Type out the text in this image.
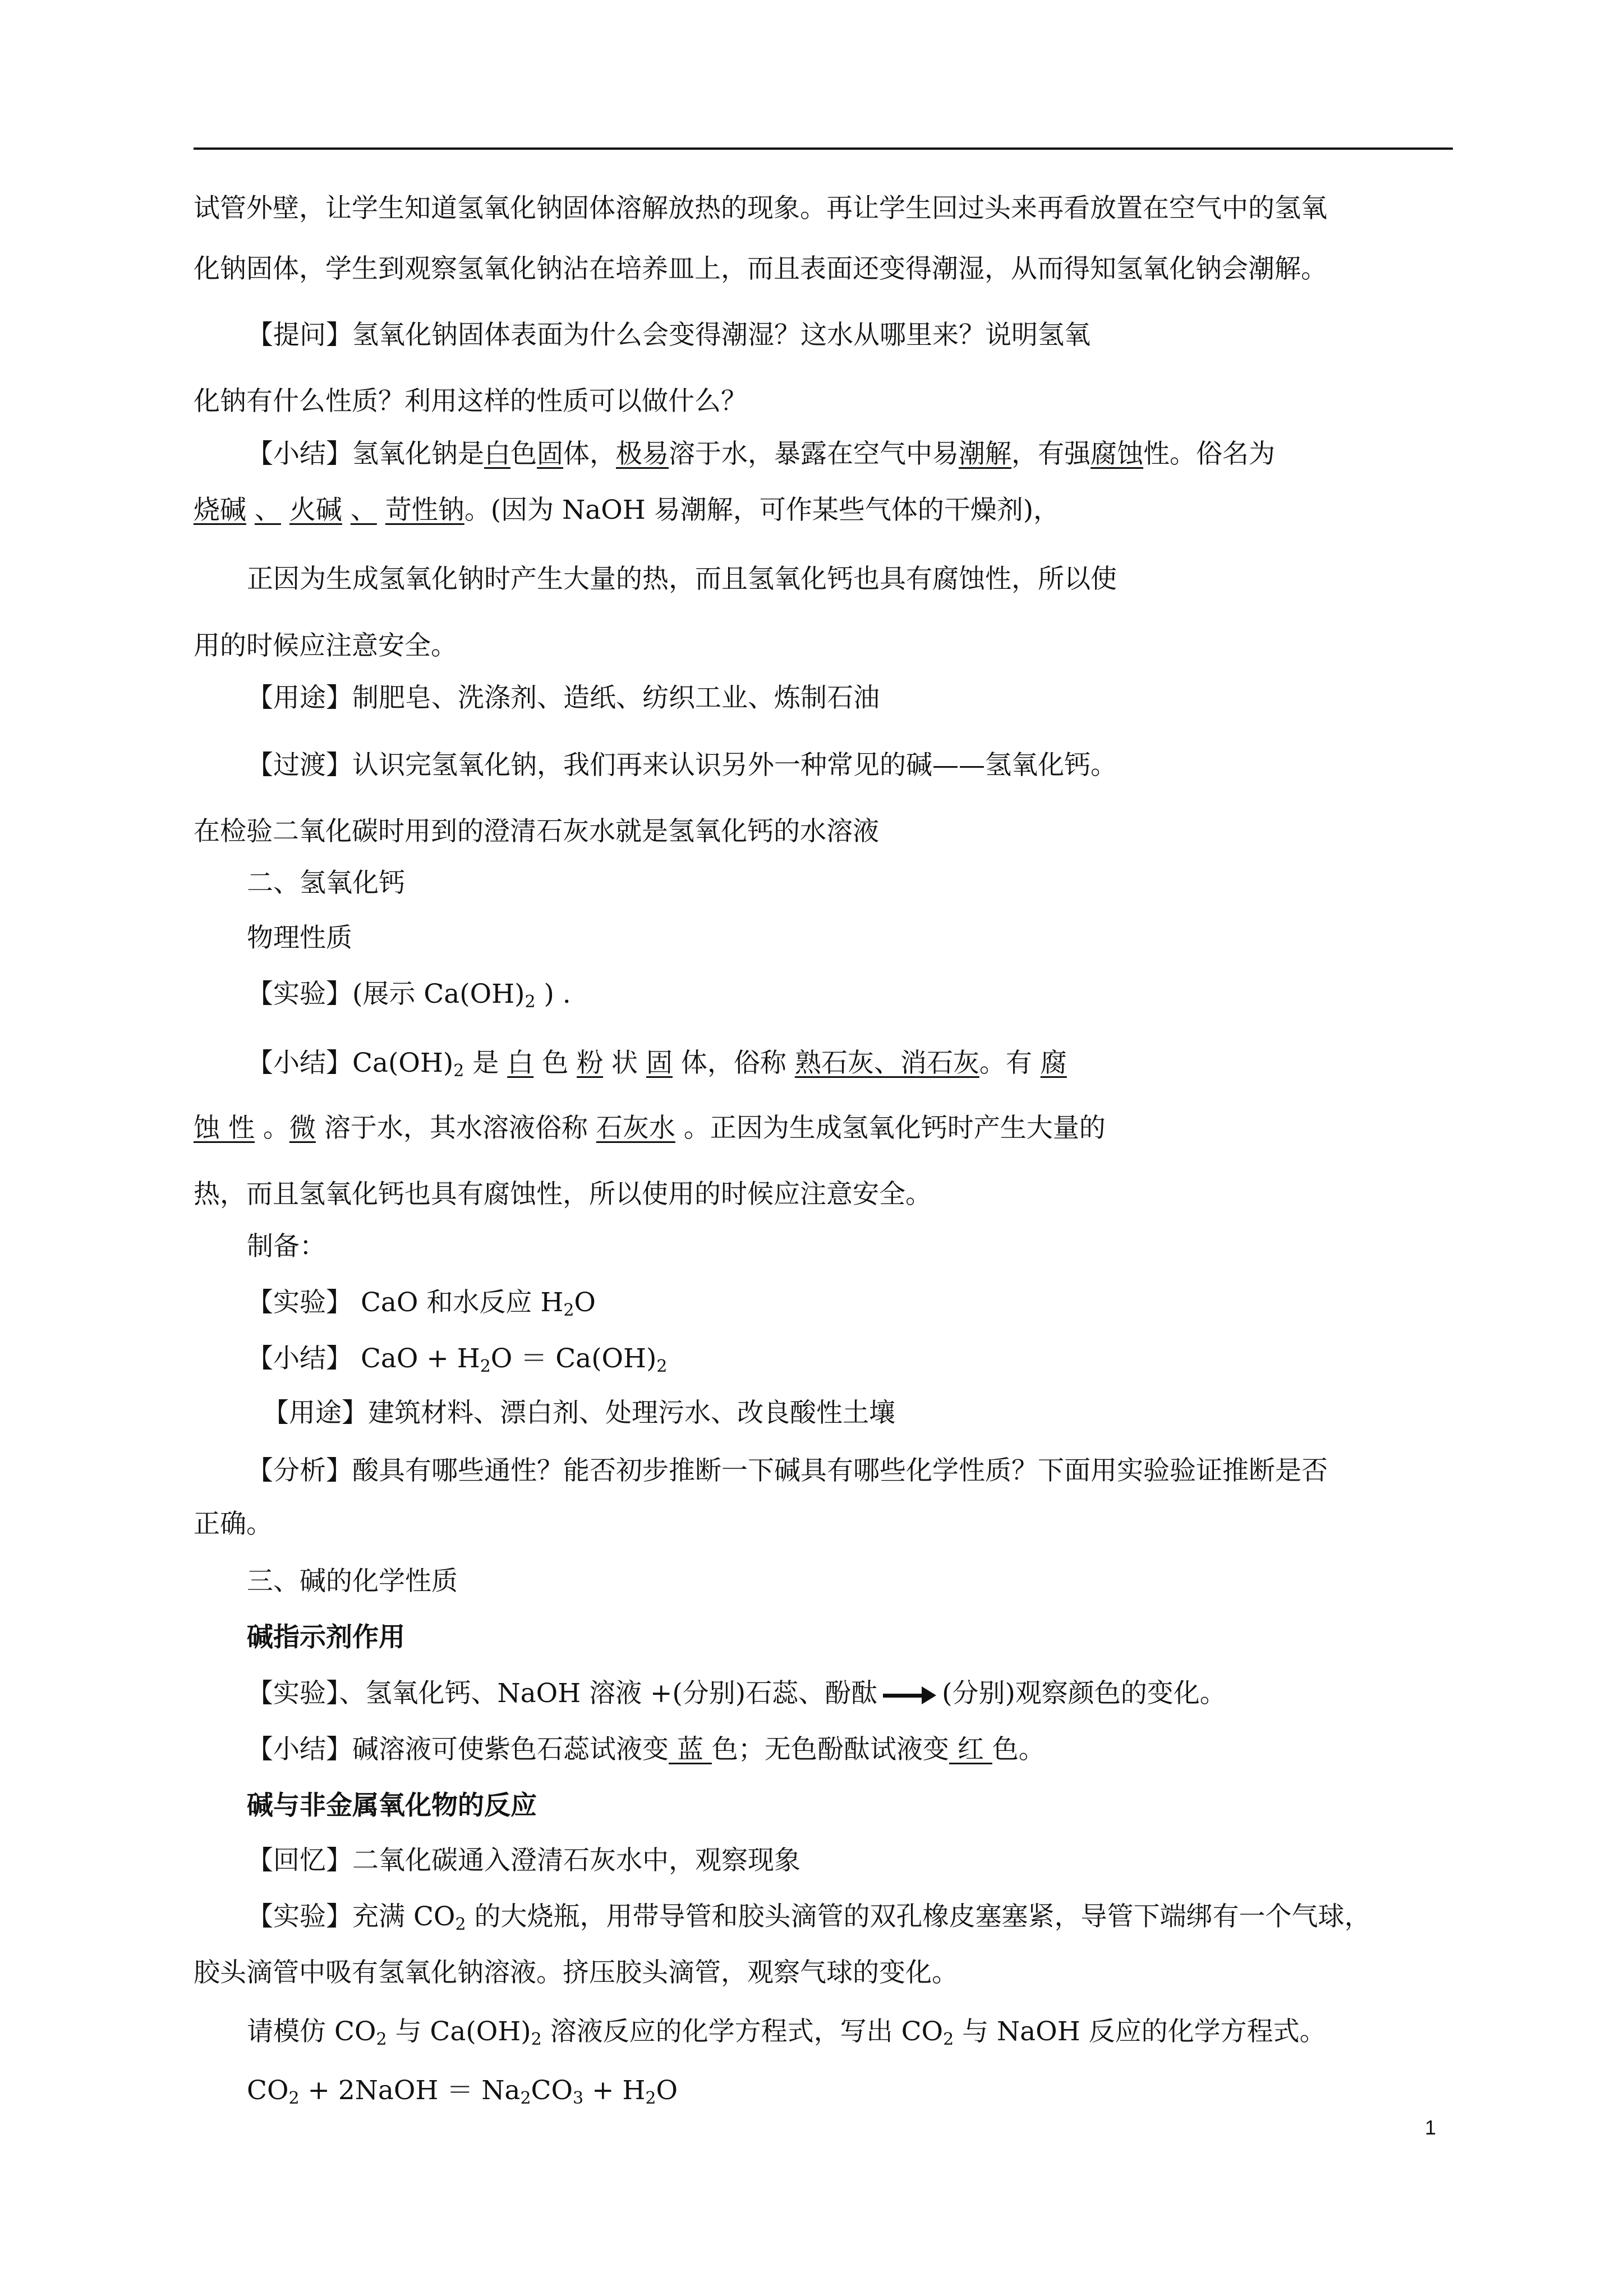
试管外壁，让学生知道氢氧化钠固体溶解放热的现象。再让学生回过头来再看放置在空气中的氢氧
化钠固体，学生到观察氢氧化钠沾在培养皿上，而且表面还变得潮湿，从而得知氢氧化钠会潮解。
【提问】氢氧化钠固体表面为什么会变得潮湿？这水从哪里来？说明氢氧
化钠有什么性质？利用这样的性质可以做什么？
【小结】氢氧化钠是白色固体，极易溶于水，暴露在空气中易潮解，有强腐蚀性。俗名为
烧碱 、 火碱 、 苛性钠。(因为 NaOH 易潮解，可作某些气体的干燥剂)，
正因为生成氢氧化钠时产生大量的热，而且氢氧化钙也具有腐蚀性，所以使
用的时候应注意安全。
【用途】制肥皂、洗涤剂、造纸、纺织工业、炼制石油
【过渡】认识完氢氧化钠，我们再来认识另外一种常见的碱——氢氧化钙。
在检验二氧化碳时用到的澄清石灰水就是氢氧化钙的水溶液
二、氢氧化钙
物理性质
【实验】(展示 $Ca(OH)_2$ ) .
【小结】$Ca(OH)_2$ 是 白 色 粉 状 固 体，俗称 熟石灰、消石灰。有 腐
蚀 性 。微 溶于水，其水溶液俗称 石灰水 。正因为生成氢氧化钙时产生大量的
热，而且氢氧化钙也具有腐蚀性，所以使用的时候应注意安全。
制备：
【实验】 CaO 和水反应 $H_2O$
【小结】 CaO + $H_2O = Ca(OH)_2$
【用途】建筑材料、漂白剂、处理污水、改良酸性土壤
【分析】酸具有哪些通性？能否初步推断一下碱具有哪些化学性质？下面用实验验证推断是否
正确。
三、碱的化学性质
碱指示剂作用
【实验】、氢氧化钙、NaOH 溶液 +(分别)石蕊、酚酞 (分别)观察颜色的变化。
【小结】碱溶液可使紫色石蕊试液变 蓝 色；无色酚酞试液变 红 色。
碱与非金属氧化物的反应
【回忆】二氧化碳通入澄清石灰水中，观察现象
【实验】充满 $CO_2$ 的大烧瓶，用带导管和胶头滴管的双孔橡皮塞塞紧，导管下端绑有一个气球，
胶头滴管中吸有氢氧化钠溶液。挤压胶头滴管，观察气球的变化。
请模仿 $CO_2$ 与 $Ca(OH)_2$ 溶液反应的化学方程式，写出 $CO_2$ 与 NaOH 反应的化学方程式。
$CO_2$ + 2NaOH ＝ $Na_2CO_3 + H_2O$
1
